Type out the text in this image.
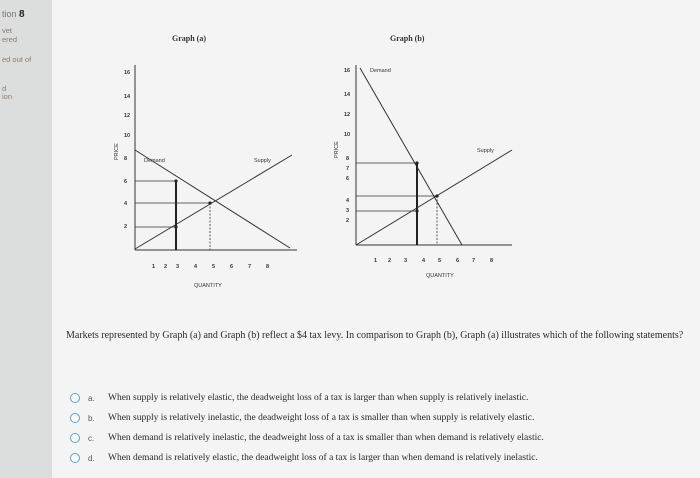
tion 8
vet
ered
ed out of
d
ion
Graph (a)
16
14
12
10
8
6
4
2
PRICE
1 2 3	4	5	6	7	8
QUANTITY
Demand	Supply
Graph (b)
16
14
12
10
8
7
6
4
3
2
PRICE
1 2 3	4 5	6 7	8
QUANTITY
Demand
Supply
Markets represented by Graph (a) and Graph (b) reflect a $4 tax levy. In comparison to Graph (b), Graph (a) illustrates which of the following statements?
a.	When supply is relatively elastic, the deadweight loss of a tax is larger than when supply is relatively inelastic.
b.	When supply is relatively inelastic, the deadweight loss of a tax is smaller than when supply is relatively elastic.
c.	When demand is relatively inelastic, the deadweight loss of a tax is smaller than when demand is relatively elastic.
d.	When demand is relatively elastic, the deadweight loss of a tax is larger than when demand is relatively inelastic.
